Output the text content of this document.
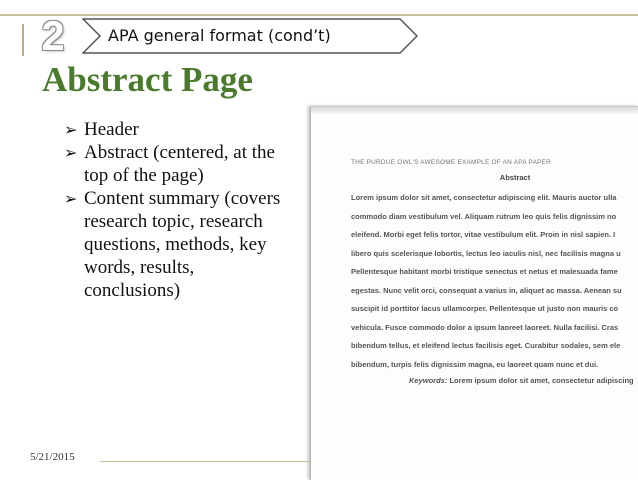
2	APA general format (cond’t)
Abstract Page
➢ Header
➢ Abstract (centered, at the top of the page)
➢ Content summary (covers research topic, research questions, methods, key words, results, conclusions)
THE PURDUE OWL'S AWESOME EXAMPLE OF AN APA PAPER
Abstract
Lorem ipsum dolor sit amet, consectetur adipiscing elit. Mauris auctor ulla
commodo diam vestibulum vel. Aliquam rutrum leo quis felis dignissim no
eleifend. Morbi eget felis tortor, vitae vestibulum elit. Proin in nisl sapien. I
libero quis scelerisque lobortis, lectus leo iaculis nisl, nec facilisis magna u
Pellentesque habitant morbi tristique senectus et netus et malesuada fame
egestas. Nunc velit orci, consequat a varius in, aliquet ac massa. Aenean su
suscipit id porttitor lacus ullamcorper. Pellentesque ut justo non mauris co
vehicula. Fusce commodo dolor a ipsum laoreet laoreet. Nulla facilisi. Cras
bibendum tellus, et eleifend lectus facilisis eget. Curabitur sodales, sem ele
bibendum, turpis felis dignissim magna, eu laoreet quam nunc et dui.
Keywords: Lorem ipsum dolor sit amet, consectetur adipiscing
5/21/2015
